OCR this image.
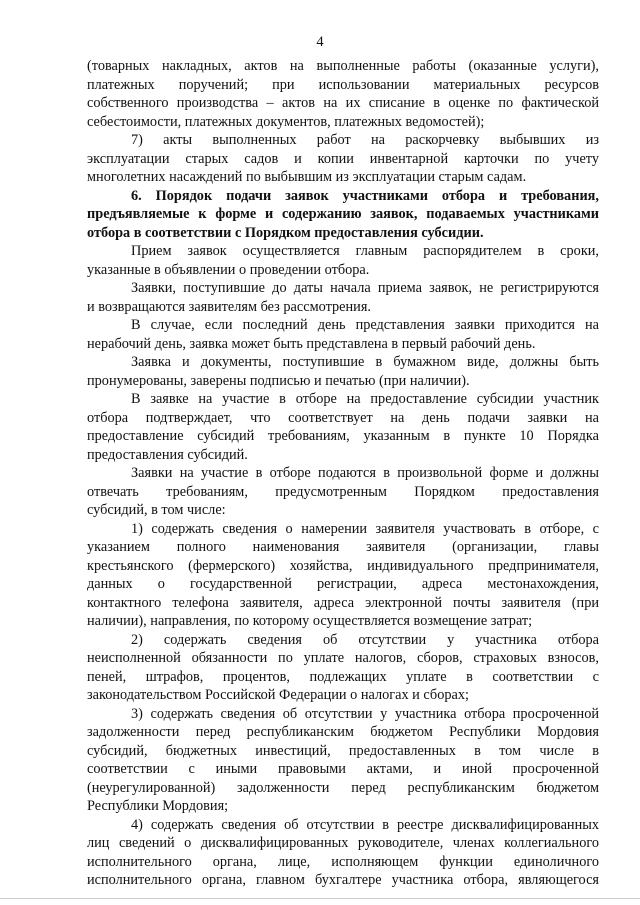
4
(товарных накладных, актов на выполненные работы (оказанные услуги),
платежных поручений; при использовании материальных ресурсов
собственного производства – актов на их списание в оценке по фактической
себестоимости, платежных документов, платежных ведомостей);
7) акты выполненных работ на раскорчевку выбывших из
эксплуатации старых садов и копии инвентарной карточки по учету
многолетних насаждений по выбывшим из эксплуатации старым садам.
6. Порядок подачи заявок участниками отбора и требования,
предъявляемые к форме и содержанию заявок, подаваемых участниками
отбора в соответствии с Порядком предоставления субсидии.
Прием заявок осуществляется главным распорядителем в сроки,
указанные в объявлении о проведении отбора.
Заявки, поступившие до даты начала приема заявок, не регистрируются
и возвращаются заявителям без рассмотрения.
В случае, если последний день представления заявки приходится на
нерабочий день, заявка может быть представлена в первый рабочий день.
Заявка и документы, поступившие в бумажном виде, должны быть
пронумерованы, заверены подписью и печатью (при наличии).
В заявке на участие в отборе на предоставление субсидии участник
отбора подтверждает, что соответствует на день подачи заявки на
предоставление субсидий требованиям, указанным в пункте 10 Порядка
предоставления субсидий.
Заявки на участие в отборе подаются в произвольной форме и должны
отвечать требованиям, предусмотренным Порядком предоставления
субсидий, в том числе:
1) содержать сведения о намерении заявителя участвовать в отборе, с
указанием полного наименования заявителя (организации, главы
крестьянского (фермерского) хозяйства, индивидуального предпринимателя,
данных о государственной регистрации, адреса местонахождения,
контактного телефона заявителя, адреса электронной почты заявителя (при
наличии), направления, по которому осуществляется возмещение затрат;
2) содержать сведения об отсутствии у участника отбора
неисполненной обязанности по уплате налогов, сборов, страховых взносов,
пеней, штрафов, процентов, подлежащих уплате в соответствии с
законодательством Российской Федерации о налогах и сборах;
3) содержать сведения об отсутствии у участника отбора просроченной
задолженности перед республиканским бюджетом Республики Мордовия
субсидий, бюджетных инвестиций, предоставленных в том числе в
соответствии с иными правовыми актами, и иной просроченной
(неурегулированной) задолженности перед республиканским бюджетом
Республики Мордовия;
4) содержать сведения об отсутствии в реестре дисквалифицированных
лиц сведений о дисквалифицированных руководителе, членах коллегиального
исполнительного органа, лице, исполняющем функции единоличного
исполнительного органа, главном бухгалтере участника отбора, являющегося
